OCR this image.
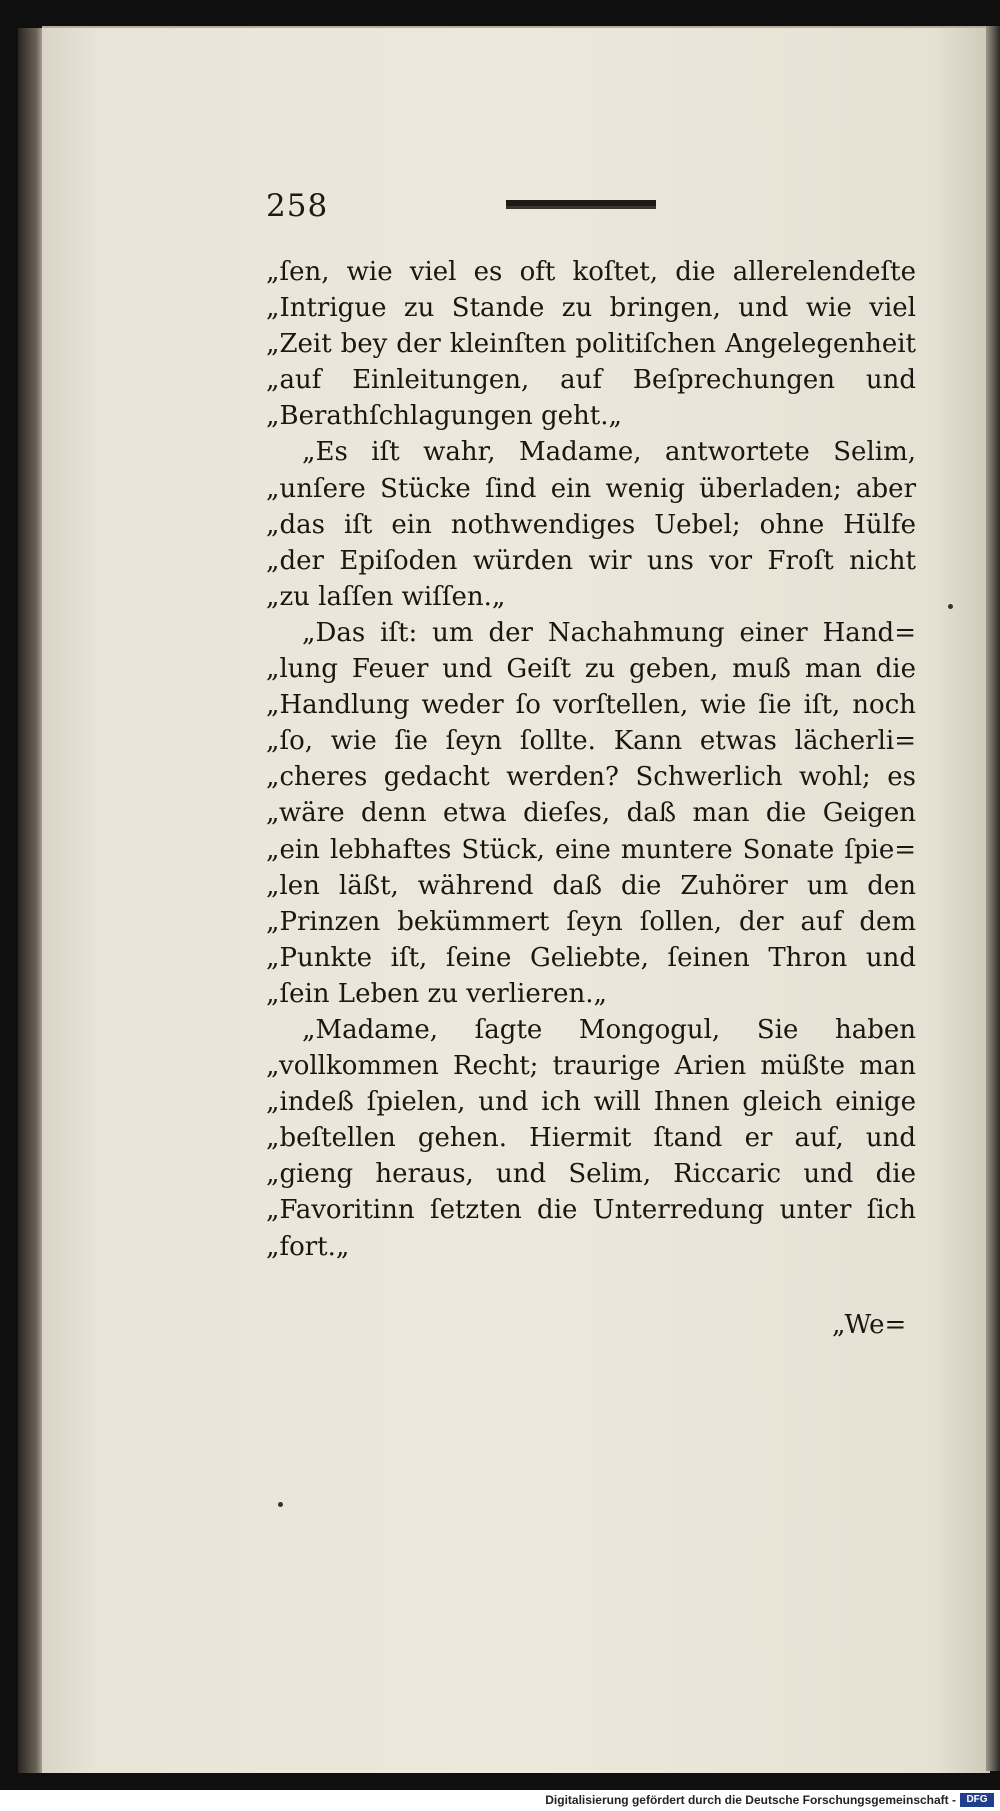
258
„ſen, wie viel es oft koſtet, die allerelendeſte
„Intrigue zu Stande zu bringen, und wie viel
„Zeit bey der kleinſten politiſchen Angelegenheit
„auf Einleitungen, auf Beſprechungen und
„Berathſchlagungen geht.„
„Es iſt wahr, Madame, antwortete Selim,
„unſere Stücke ſind ein wenig überladen; aber
„das iſt ein nothwendiges Uebel; ohne Hülfe
„der Epiſoden würden wir uns vor Froſt nicht
„zu laſſen wiſſen.„
„Das iſt: um der Nachahmung einer Hand=
„lung Feuer und Geiſt zu geben, muß man die
„Handlung weder ſo vorſtellen, wie ſie iſt, noch
„ſo, wie ſie ſeyn ſollte. Kann etwas lächerli=
„cheres gedacht werden? Schwerlich wohl; es
„wäre denn etwa dieſes, daß man die Geigen
„ein lebhaftes Stück, eine muntere Sonate ſpie=
„len läßt, während daß die Zuhörer um den
„Prinzen bekümmert ſeyn ſollen, der auf dem
„Punkte iſt, ſeine Geliebte, ſeinen Thron und
„ſein Leben zu verlieren.„
„Madame, ſagte Mongogul, Sie haben
„vollkommen Recht; traurige Arien müßte man
„indeß ſpielen, und ich will Ihnen gleich einige
„beſtellen gehen. Hiermit ſtand er auf, und
„gieng heraus, und Selim, Riccaric und die
„Favoritinn ſetzten die Unterredung unter ſich
„fort.„
„We=
Digitalisierung gefördert durch die Deutsche Forschungsgemeinschaft -	DFG
